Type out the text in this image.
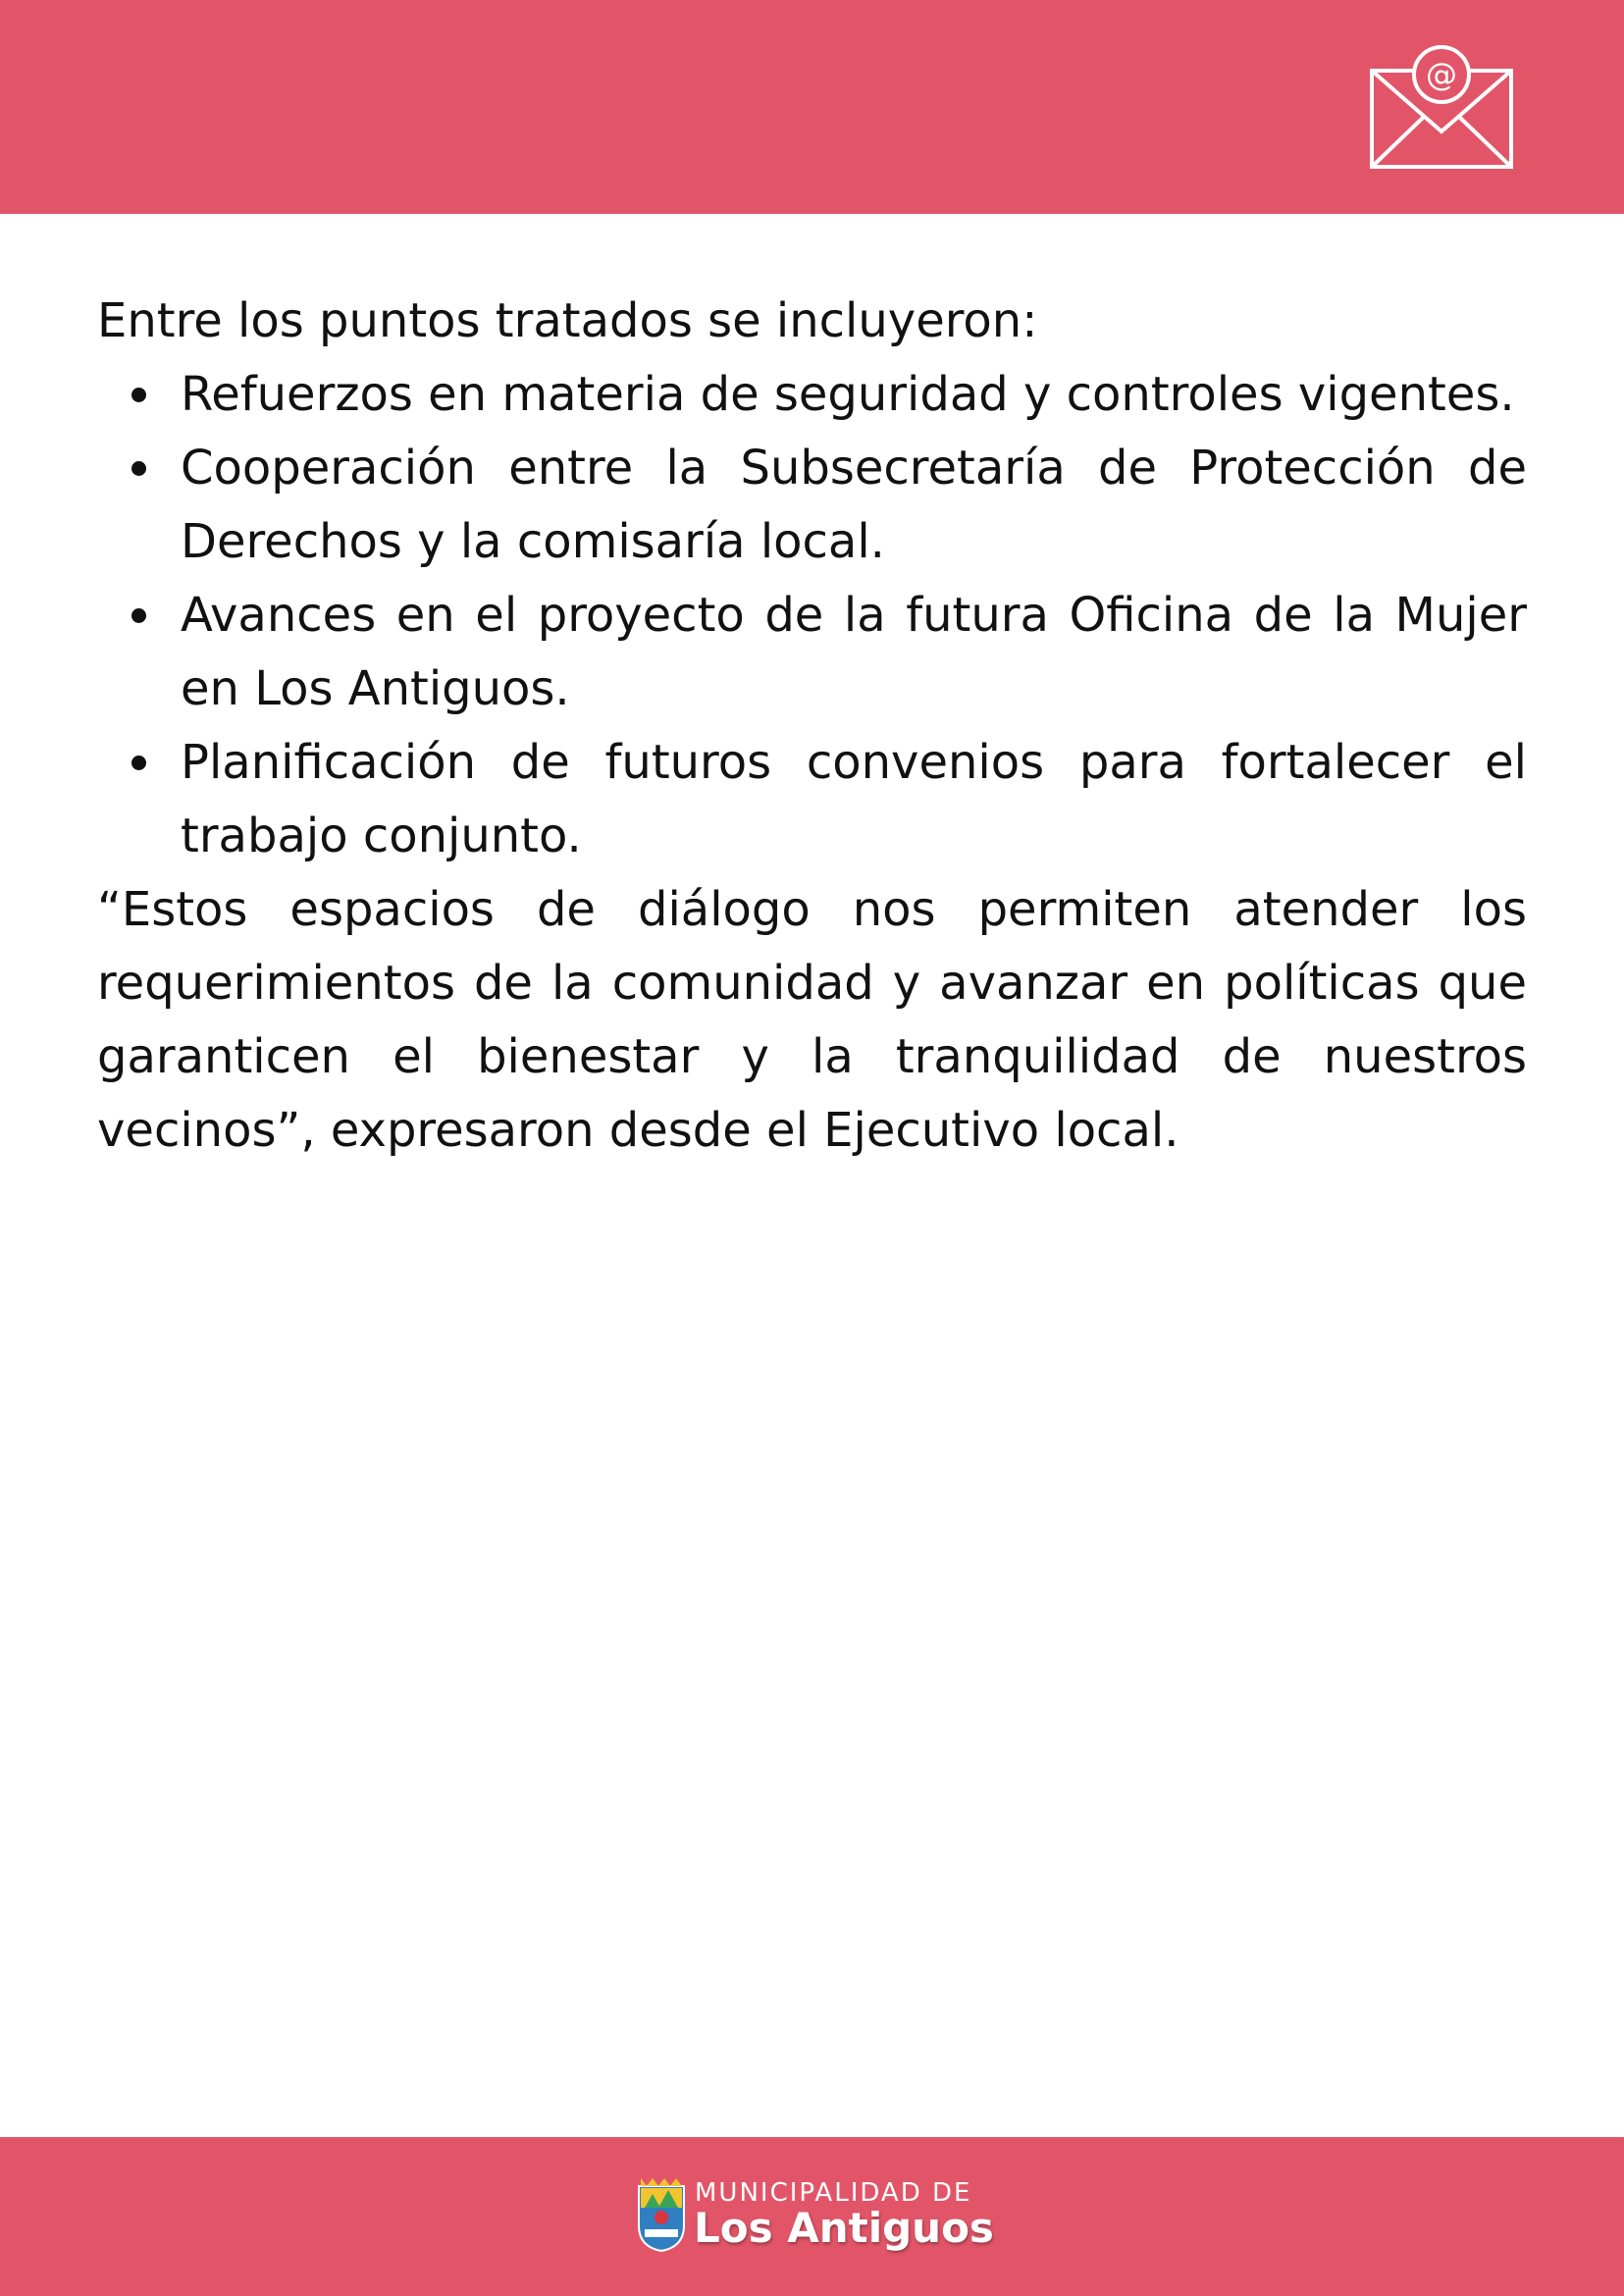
@

Entre los puntos tratados se incluyeron:

Refuerzos en materia de seguridad y controles vigentes.
Cooperación entre la Subsecretaría de Protección de Derechos y la comisaría local.
Avances en el proyecto de la futura Oficina de la Mujer en Los Antiguos.
Planificación de futuros convenios para fortalecer el trabajo conjunto.

“Estos espacios de diálogo nos permiten atender los requerimientos de la comunidad y avanzar en políticas que garanticen el bienestar y la tranquilidad de nuestros vecinos”, expresaron desde el Ejecutivo local.

MUNICIPALIDAD DE
Los Antiguos
